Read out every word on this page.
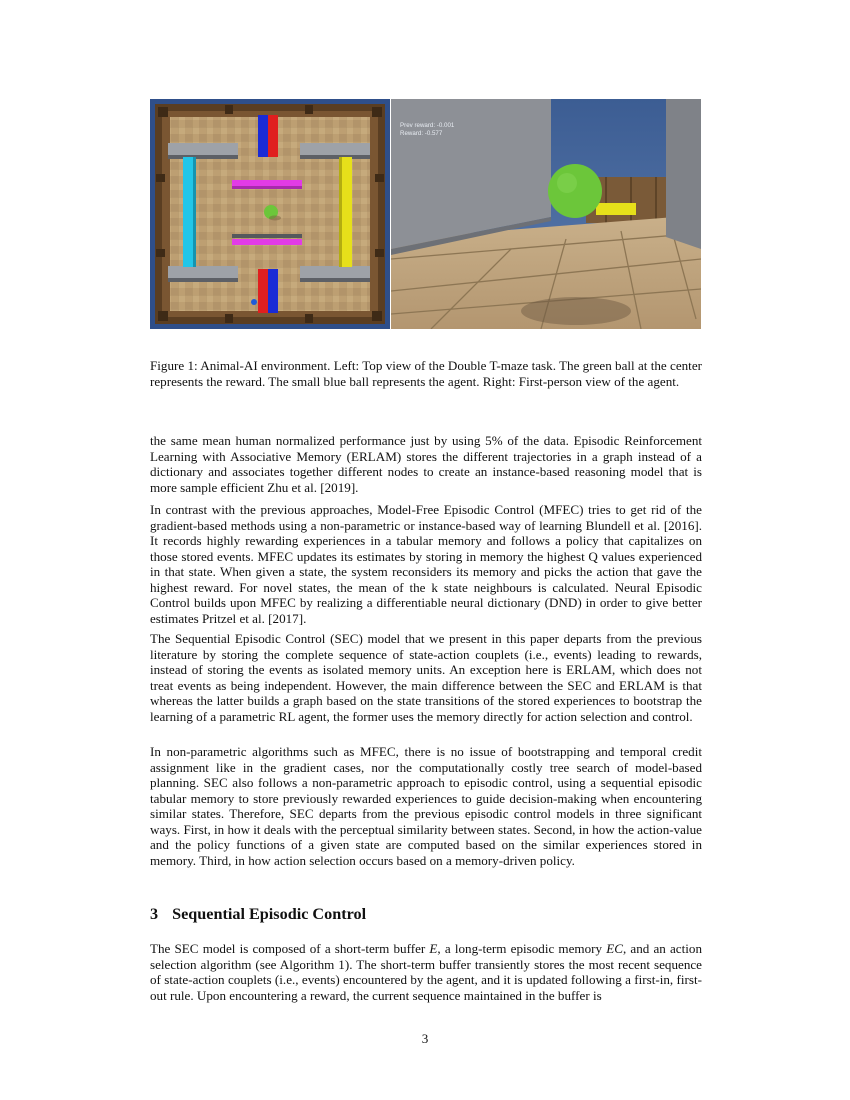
Prev reward: -0.001
Reward: -0.577

Figure 1: Animal-AI environment. Left: Top view of the Double T-maze task. The green ball at the center represents the reward. The small blue ball represents the agent. Right: First-person view of the agent.

the same mean human normalized performance just by using 5% of the data. Episodic Reinforcement Learning with Associative Memory (ERLAM) stores the different trajectories in a graph instead of a dictionary and associates together different nodes to create an instance-based reasoning model that is more sample efficient Zhu et al. [2019].

In contrast with the previous approaches, Model-Free Episodic Control (MFEC) tries to get rid of the gradient-based methods using a non-parametric or instance-based way of learning Blundell et al. [2016]. It records highly rewarding experiences in a tabular memory and follows a policy that capitalizes on those stored events. MFEC updates its estimates by storing in memory the highest Q values experienced in that state. When given a state, the system reconsiders its memory and picks the action that gave the highest reward. For novel states, the mean of the k state neighbours is calculated. Neural Episodic Control builds upon MFEC by realizing a differentiable neural dictionary (DND) in order to give better estimates Pritzel et al. [2017].

The Sequential Episodic Control (SEC) model that we present in this paper departs from the previous literature by storing the complete sequence of state-action couplets (i.e., events) leading to rewards, instead of storing the events as isolated memory units. An exception here is ERLAM, which does not treat events as being independent. However, the main difference between the SEC and ERLAM is that whereas the latter builds a graph based on the state transitions of the stored experiences to bootstrap the learning of a parametric RL agent, the former uses the memory directly for action selection and control.

In non-parametric algorithms such as MFEC, there is no issue of bootstrapping and temporal credit assignment like in the gradient cases, nor the computationally costly tree search of model-based planning. SEC also follows a non-parametric approach to episodic control, using a sequential episodic tabular memory to store previously rewarded experiences to guide decision-making when encountering similar states. Therefore, SEC departs from the previous episodic control models in three significant ways. First, in how it deals with the perceptual similarity between states. Second, in how the action-value and the policy functions of a given state are computed based on the similar experiences stored in memory. Third, in how action selection occurs based on a memory-driven policy.

3 Sequential Episodic Control

The SEC model is composed of a short-term buffer E, a long-term episodic memory EC, and an action selection algorithm (see Algorithm 1). The short-term buffer transiently stores the most recent sequence of state-action couplets (i.e., events) encountered by the agent, and it is updated following a first-in, first-out rule. Upon encountering a reward, the current sequence maintained in the buffer is

3
